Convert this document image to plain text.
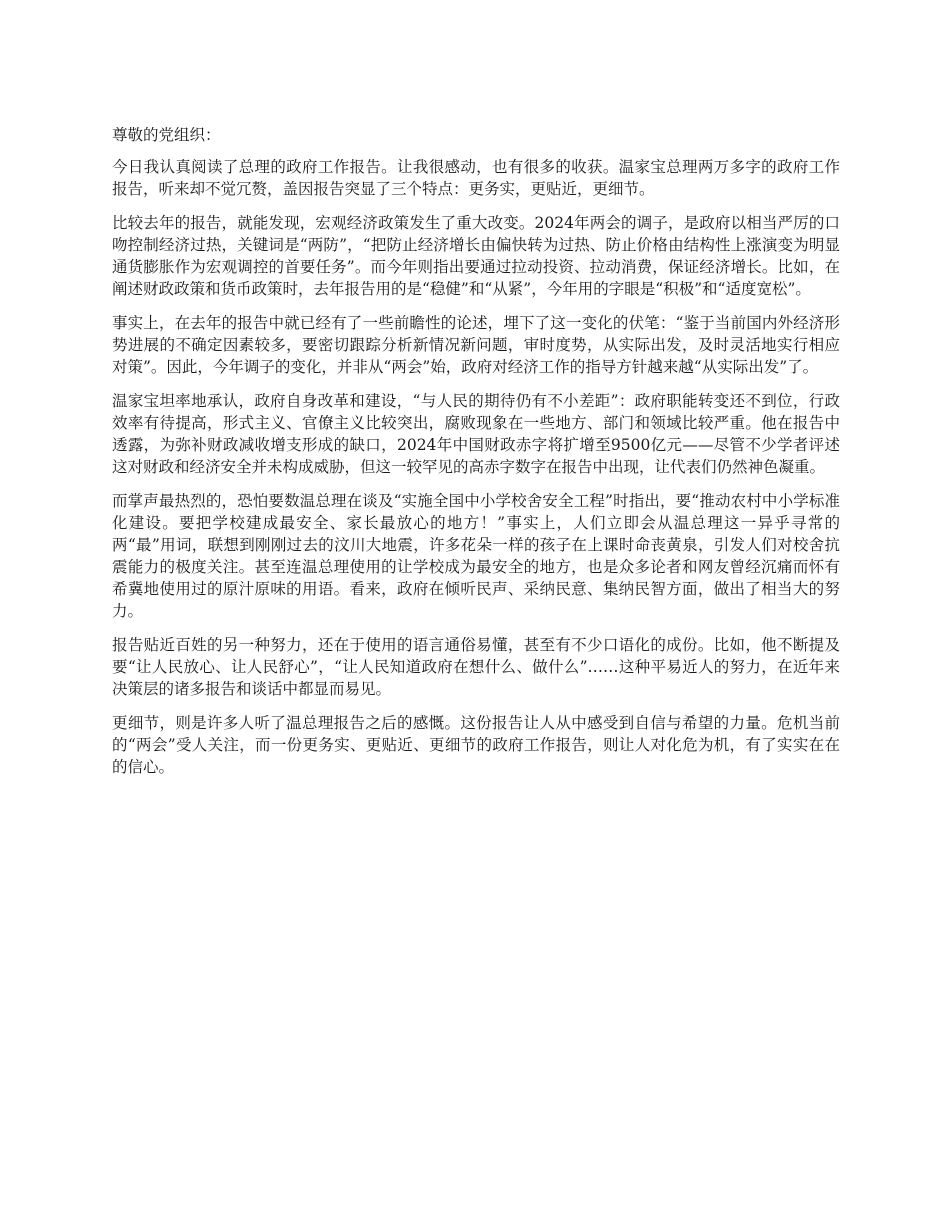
尊敬的党组织：

今日我认真阅读了总理的政府工作报告。让我很感动，也有很多的收获。温家宝总理两万多字的政府工作报告，听来却不觉冗赘，盖因报告突显了三个特点：更务实，更贴近，更细节。

比较去年的报告，就能发现，宏观经济政策发生了重大改变。2024年两会的调子，是政府以相当严厉的口吻控制经济过热，关键词是“两防”，“把防止经济增长由偏快转为过热、防止价格由结构性上涨演变为明显通货膨胀作为宏观调控的首要任务”。而今年则指出要通过拉动投资、拉动消费，保证经济增长。比如，在阐述财政政策和货币政策时，去年报告用的是“稳健”和“从紧”，今年用的字眼是“积极”和“适度宽松”。

事实上，在去年的报告中就已经有了一些前瞻性的论述，埋下了这一变化的伏笔：“鉴于当前国内外经济形势进展的不确定因素较多，要密切跟踪分析新情况新问题，审时度势，从实际出发，及时灵活地实行相应对策”。因此，今年调子的变化，并非从“两会”始，政府对经济工作的指导方针越来越“从实际出发”了。

温家宝坦率地承认，政府自身改革和建设，“与人民的期待仍有不小差距”：政府职能转变还不到位，行政效率有待提高，形式主义、官僚主义比较突出，腐败现象在一些地方、部门和领域比较严重。他在报告中透露，为弥补财政减收增支形成的缺口，2024年中国财政赤字将扩增至9500亿元——尽管不少学者评述这对财政和经济安全并未构成威胁，但这一较罕见的高赤字数字在报告中出现，让代表们仍然神色凝重。

而掌声最热烈的，恐怕要数温总理在谈及“实施全国中小学校舍安全工程”时指出，要“推动农村中小学标准化建设。要把学校建成最安全、家长最放心的地方！”事实上，人们立即会从温总理这一异乎寻常的两“最”用词，联想到刚刚过去的汶川大地震，许多花朵一样的孩子在上课时命丧黄泉，引发人们对校舍抗震能力的极度关注。甚至连温总理使用的让学校成为最安全的地方，也是众多论者和网友曾经沉痛而怀有希冀地使用过的原汁原味的用语。看来，政府在倾听民声、采纳民意、集纳民智方面，做出了相当大的努力。

报告贴近百姓的另一种努力，还在于使用的语言通俗易懂，甚至有不少口语化的成份。比如，他不断提及要“让人民放心、让人民舒心”，“让人民知道政府在想什么、做什么”……这种平易近人的努力，在近年来决策层的诸多报告和谈话中都显而易见。

更细节，则是许多人听了温总理报告之后的感慨。这份报告让人从中感受到自信与希望的力量。危机当前的“两会”受人关注，而一份更务实、更贴近、更细节的政府工作报告，则让人对化危为机，有了实实在在的信心。
